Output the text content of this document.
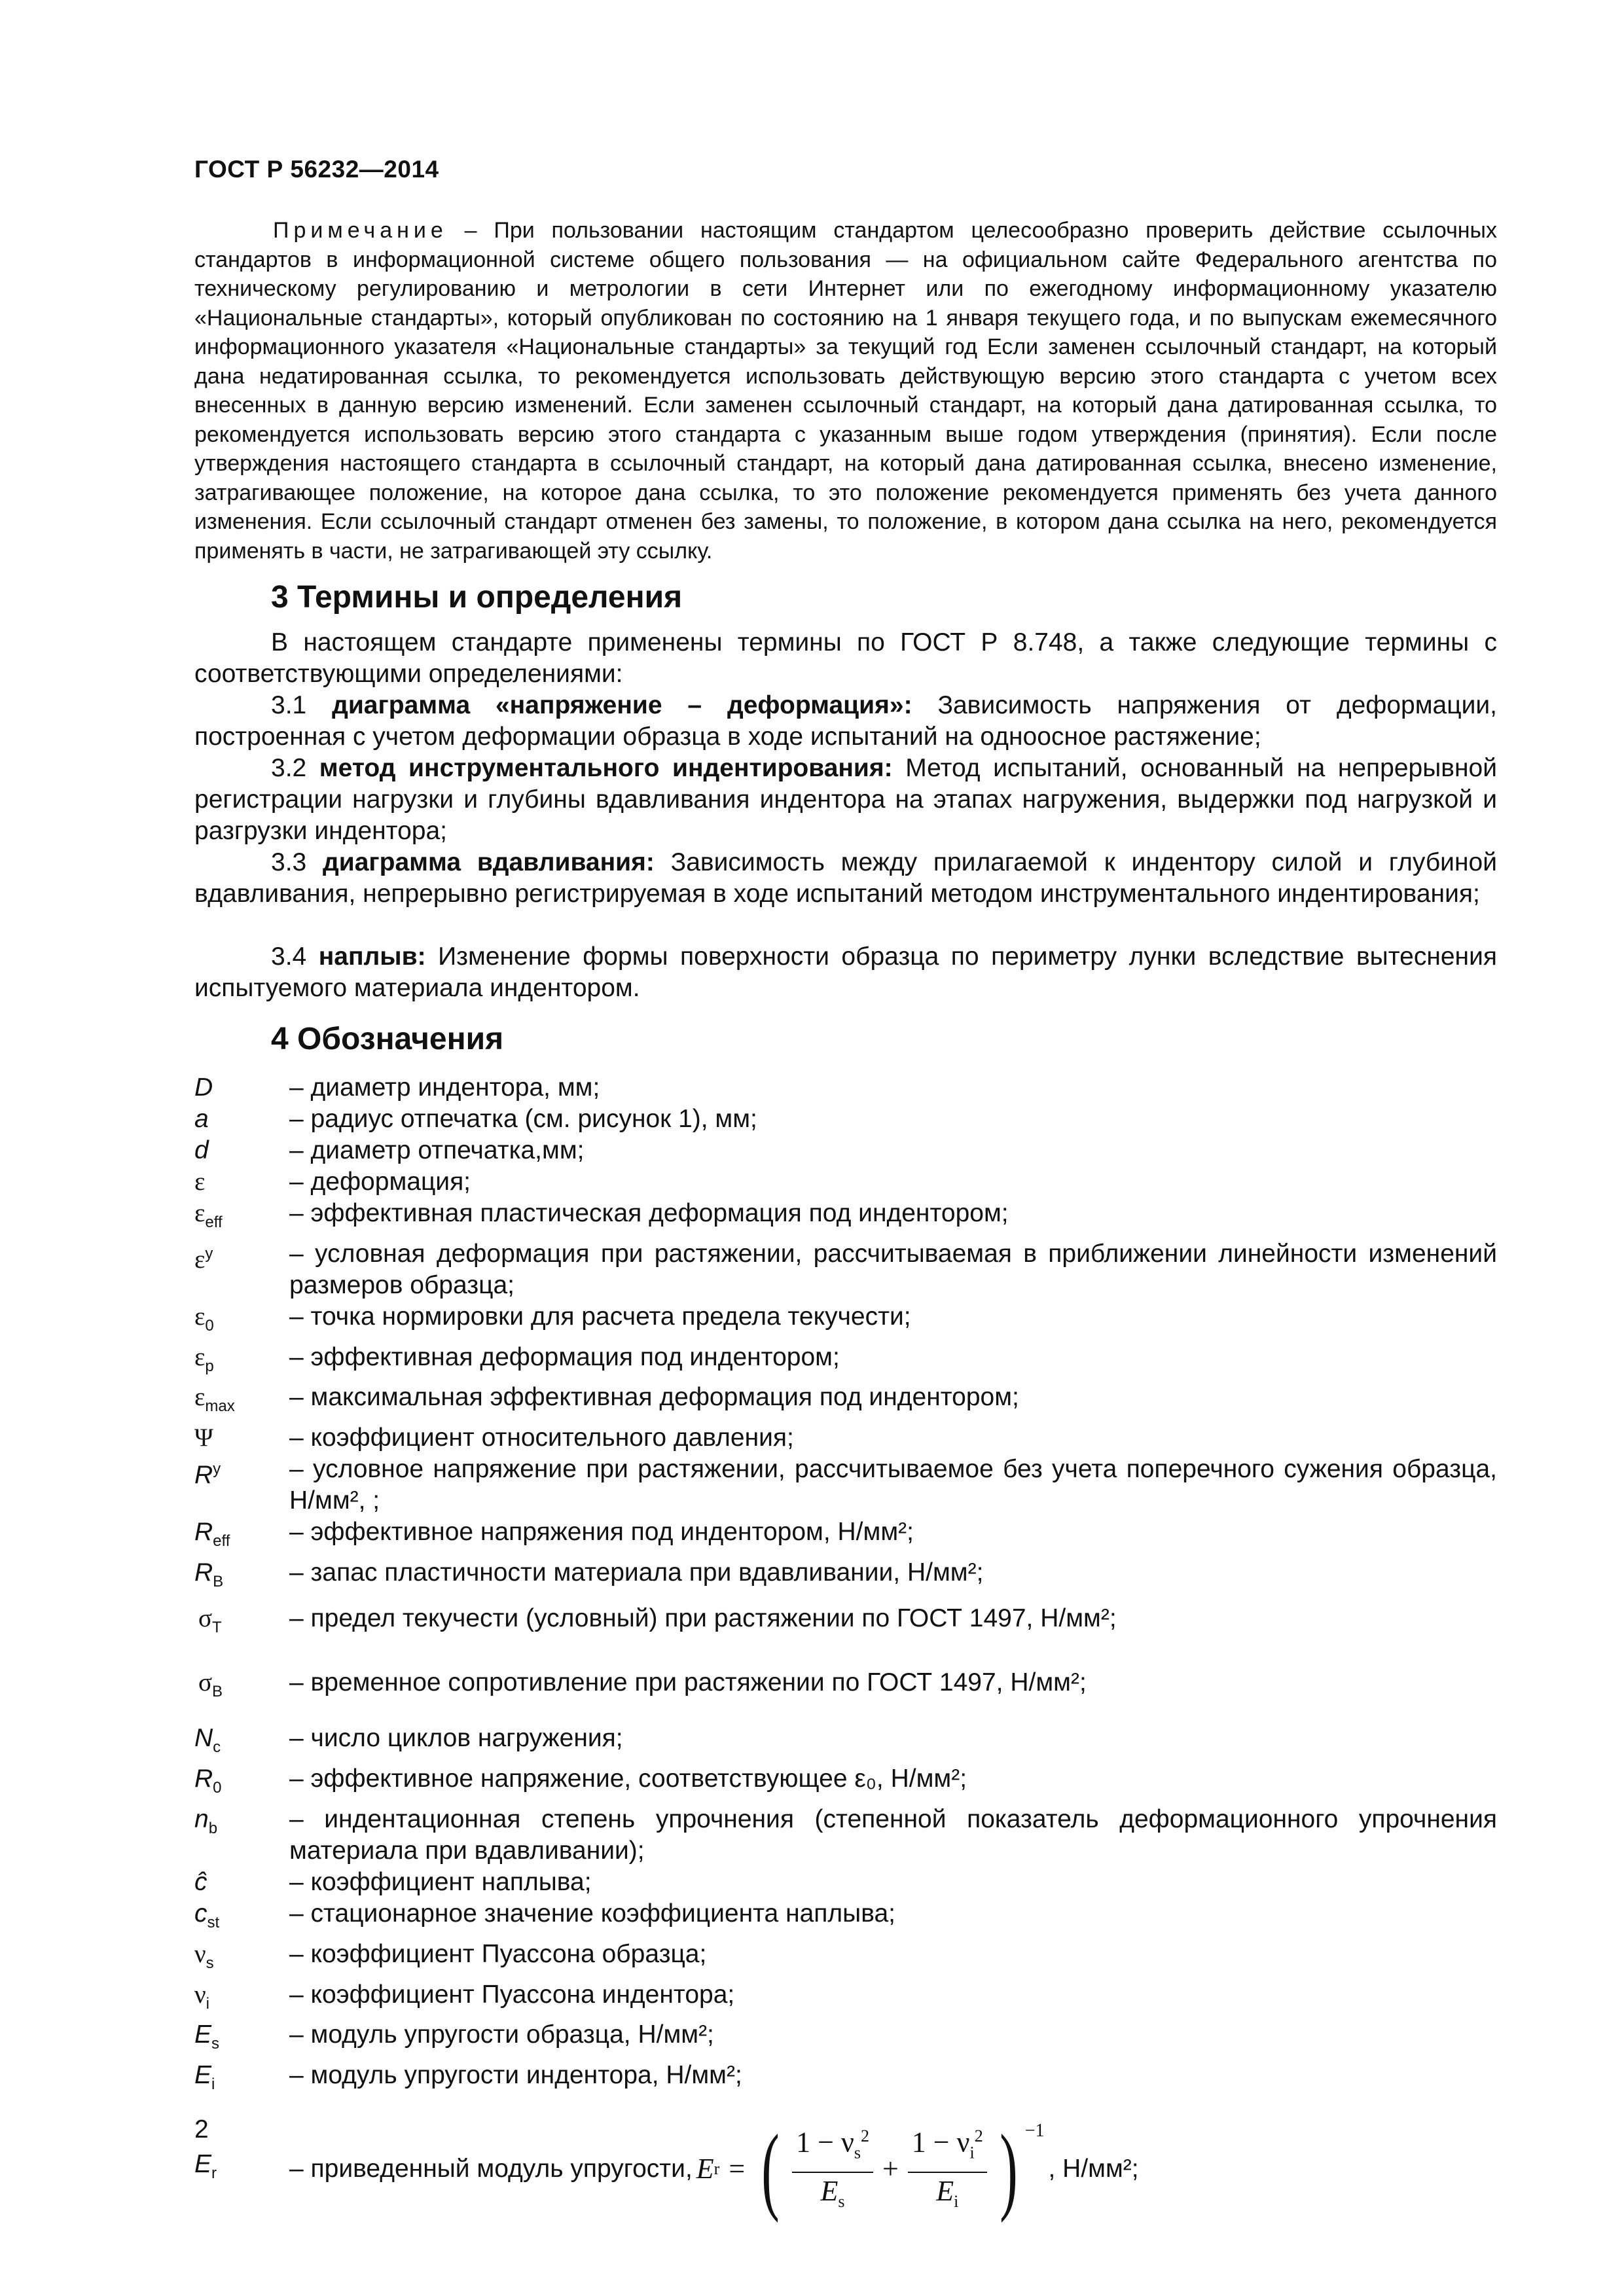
ГОСТ Р 56232—2014
Примечание – При пользовании настоящим стандартом целесообразно проверить действие ссылочных стандартов в информационной системе общего пользования — на официальном сайте Федерального агентства по техническому регулированию и метрологии в сети Интернет или по ежегодному информационному указателю «Национальные стандарты», который опубликован по состоянию на 1 января текущего года, и по выпускам ежемесячного информационного указателя «Национальные стандарты» за текущий год Если заменен ссылочный стандарт, на который дана недатированная ссылка, то рекомендуется использовать действующую версию этого стандарта с учетом всех внесенных в данную версию изменений. Если заменен ссылочный стандарт, на который дана датированная ссылка, то рекомендуется использовать версию этого стандарта с указанным выше годом утверждения (принятия). Если после утверждения настоящего стандарта в ссылочный стандарт, на который дана датированная ссылка, внесено изменение, затрагивающее положение, на которое дана ссылка, то это положение рекомендуется применять без учета данного изменения. Если ссылочный стандарт отменен без замены, то положение, в котором дана ссылка на него, рекомендуется применять в части, не затрагивающей эту ссылку.
3 Термины и определения

В настоящем стандарте применены термины по ГОСТ Р 8.748, а также следующие термины с соответствующими определениями:

3.1 диаграмма «напряжение – деформация»: Зависимость напряжения от деформации, построенная с учетом деформации образца в ходе испытаний на одноосное растяжение;

3.2 метод инструментального индентирования: Метод испытаний, основанный на непрерывной регистрации нагрузки и глубины вдавливания индентора на этапах нагружения, выдержки под нагрузкой и разгрузки индентора;

3.3 диаграмма вдавливания: Зависимость между прилагаемой к индентору силой и глубиной вдавливания, непрерывно регистрируемая в ходе испытаний методом инструментального индентирования;

3.4 наплыв: Изменение формы поверхности образца по периметру лунки вследствие вытеснения испытуемого материала индентором.

4 Обозначения
D	– диаметр индентора, мм;
a	– радиус отпечатка (см. рисунок 1), мм;
d	– диаметр отпечатка,мм;
ε	– деформация;
$\varepsilon_{eff}$	– эффективная пластическая деформация под индентором;
$\varepsilon^y$	– условная деформация при растяжении, рассчитываемая в приближении линейности изменений размеров образца;
$\varepsilon_0$	– точка нормировки для расчета предела текучести;
$\varepsilon_p$	– эффективная деформация под индентором;
$\varepsilon_{max}$	– максимальная эффективная деформация под индентором;
Ψ	– коэффициент относительного давления;
$R^y$	– условное напряжение при растяжении, рассчитываемое без учета поперечного сужения образца, Н/мм², ;
$R_{eff}$	– эффективное напряжения под индентором, Н/мм²;
$R_B$	– запас пластичности материала при вдавливании, Н/мм²;
$\sigma_T$	– предел текучести (условный) при растяжении по ГОСТ 1497, Н/мм²;
$\sigma_B$	– временное сопротивление при растяжении по ГОСТ 1497, Н/мм²;
$N_c$	– число циклов нагружения;
$R_0$	– эффективное напряжение, соответствующее ε₀, Н/мм²;
$n_b$	– индентационная степень упрочнения (степенной показатель деформационного упрочнения материала при вдавливании);
ĉ	– коэффициент наплыва;
$c_{st}$	– стационарное значение коэффициента наплыва;
$\nu_s$	– коэффициент Пуассона образца;
$\nu_i$	– коэффициент Пуассона индентора;
$E_s$	– модуль упругости образца, Н/мм²;
$E_i$	– модуль упругости индентора, Н/мм²;
$E_r$	– приведенный модуль упругости, E r = ( $\frac{1 - \nu_s^2}{E_s} + \frac{1 - \nu_i^2}{E_i}$ ) −1
, Н/мм²;
2
